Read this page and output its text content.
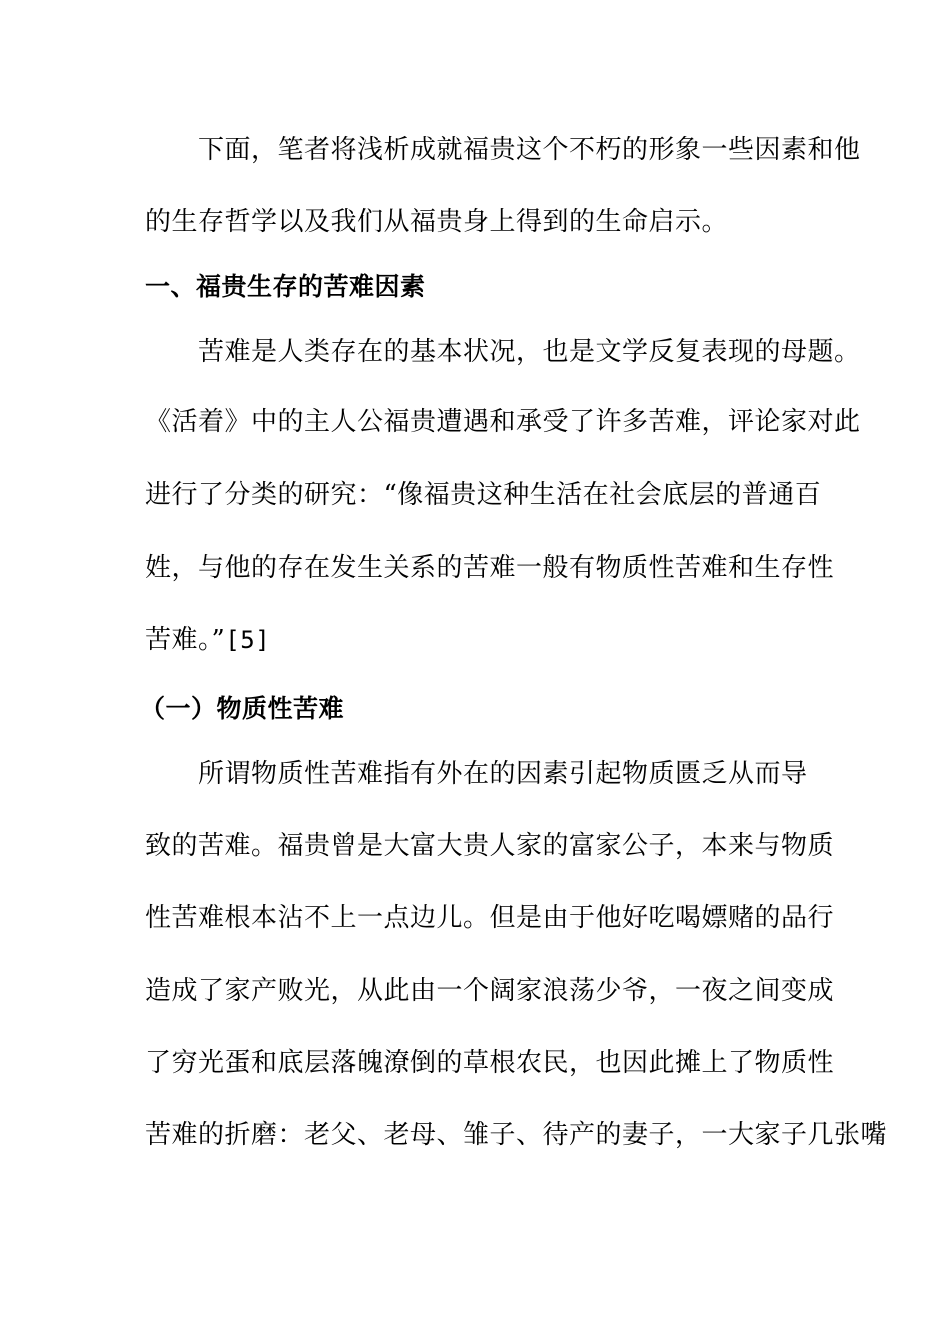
　　下面，笔者将浅析成就福贵这个不朽的形象一些因素和他
的生存哲学以及我们从福贵身上得到的生命启示。
一、福贵生存的苦难因素
　　苦难是人类存在的基本状况，也是文学反复表现的母题。
《活着》中的主人公福贵遭遇和承受了许多苦难，评论家对此
进行了分类的研究：“像福贵这种生活在社会底层的普通百
姓，与他的存在发生关系的苦难一般有物质性苦难和生存性
苦难。”[5]
（一）物质性苦难
　　所谓物质性苦难指有外在的因素引起物质匮乏从而导
致的苦难。福贵曾是大富大贵人家的富家公子，本来与物质
性苦难根本沾不上一点边儿。但是由于他好吃喝嫖赌的品行
造成了家产败光，从此由一个阔家浪荡少爷，一夜之间变成
了穷光蛋和底层落魄潦倒的草根农民，也因此摊上了物质性
苦难的折磨：老父、老母、雏子、待产的妻子，一大家子几张嘴
